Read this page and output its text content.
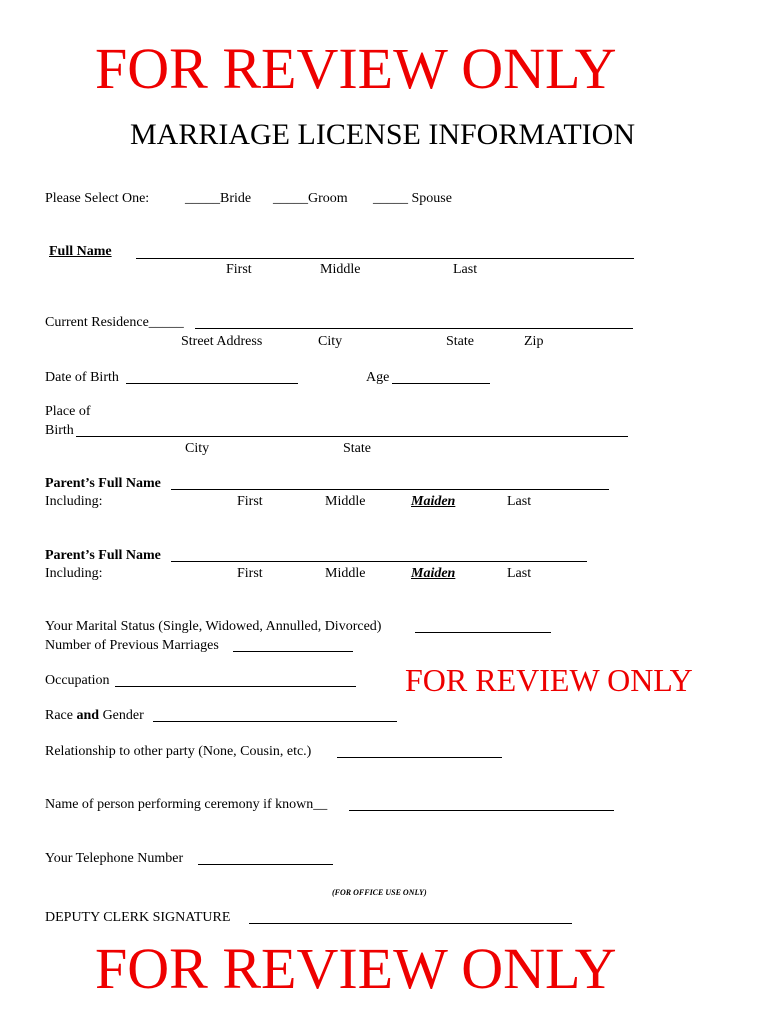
FOR REVIEW ONLY
MARRIAGE LICENSE INFORMATION
Please Select One:	_____Bride _____Groom _____ Spouse
Full Name
First	Middle	Last
Current Residence_____
Street Address	City	State	Zip
Date of Birth	Age
Place of
Birth
City	State
Parent’s Full Name
Including:	First	Middle	Maiden	Last
Parent’s Full Name
Including:	First	Middle	Maiden	Last
Your Marital Status (Single, Widowed, Annulled, Divorced)
Number of Previous Marriages
Occupation	FOR REVIEW ONLY
Race and Gender
Relationship to other party (None, Cousin, etc.)
Name of person performing ceremony if known__
Your Telephone Number
(FOR OFFICE USE ONLY)
DEPUTY CLERK SIGNATURE
FOR REVIEW ONLY
